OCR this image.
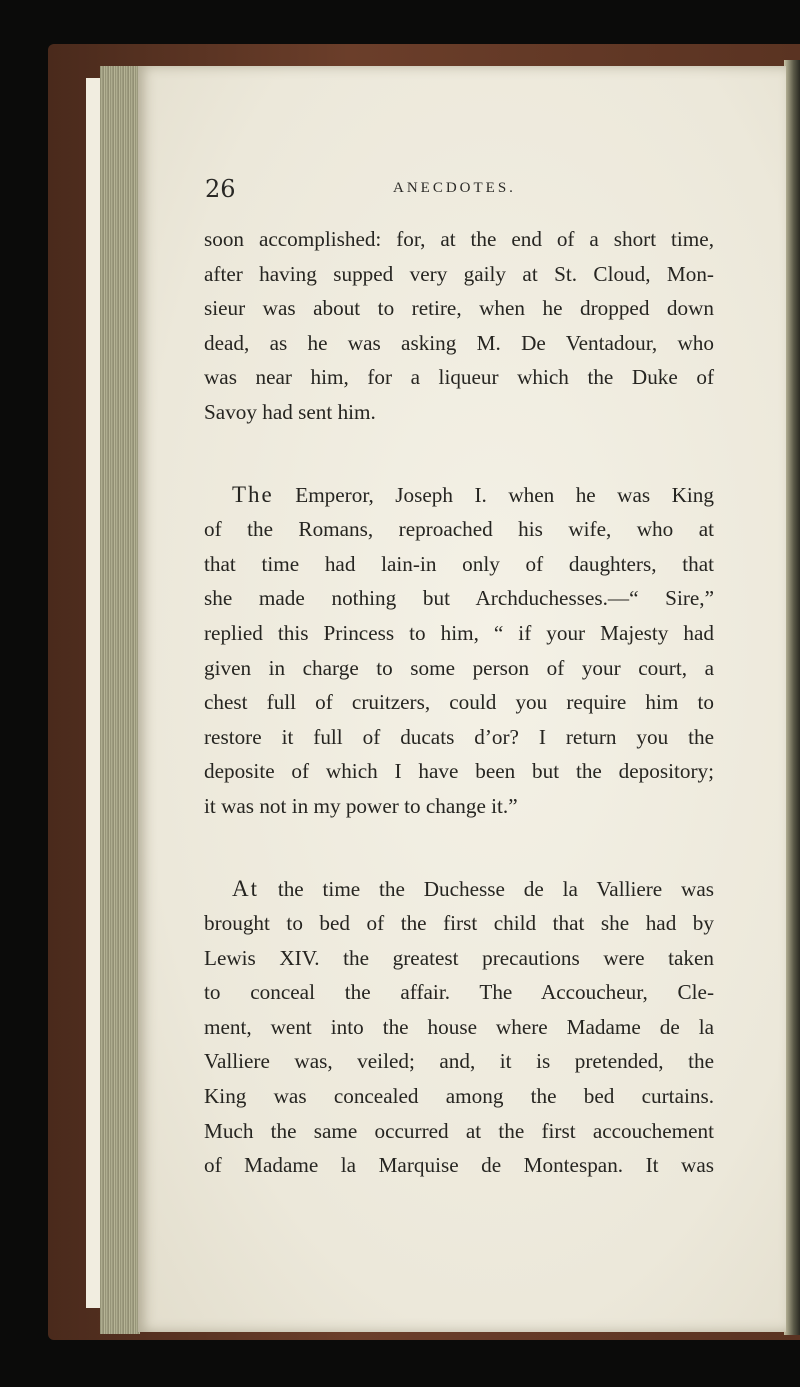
26	ANECDOTES.
soon accomplished: for, at the end of a short time,
after having supped very gaily at St. Cloud, Mon-
sieur was about to retire, when he dropped down
dead, as he was asking M. De Ventadour, who
was near him, for a liqueur which the Duke of
Savoy had sent him.
The Emperor, Joseph I. when he was King
of the Romans, reproached his wife, who at
that time had lain-in only of daughters, that
she made nothing but Archduchesses.—“ Sire,”
replied this Princess to him, “ if your Majesty had
given in charge to some person of your court, a
chest full of cruitzers, could you require him to
restore it full of ducats d’or? I return you the
deposite of which I have been but the depository;
it was not in my power to change it.”
At the time the Duchesse de la Valliere was
brought to bed of the first child that she had by
Lewis XIV. the greatest precautions were taken
to conceal the affair. The Accoucheur, Cle-
ment, went into the house where Madame de la
Valliere was, veiled; and, it is pretended, the
King was concealed among the bed curtains.
Much the same occurred at the first accouchement
of Madame la Marquise de Montespan. It was
